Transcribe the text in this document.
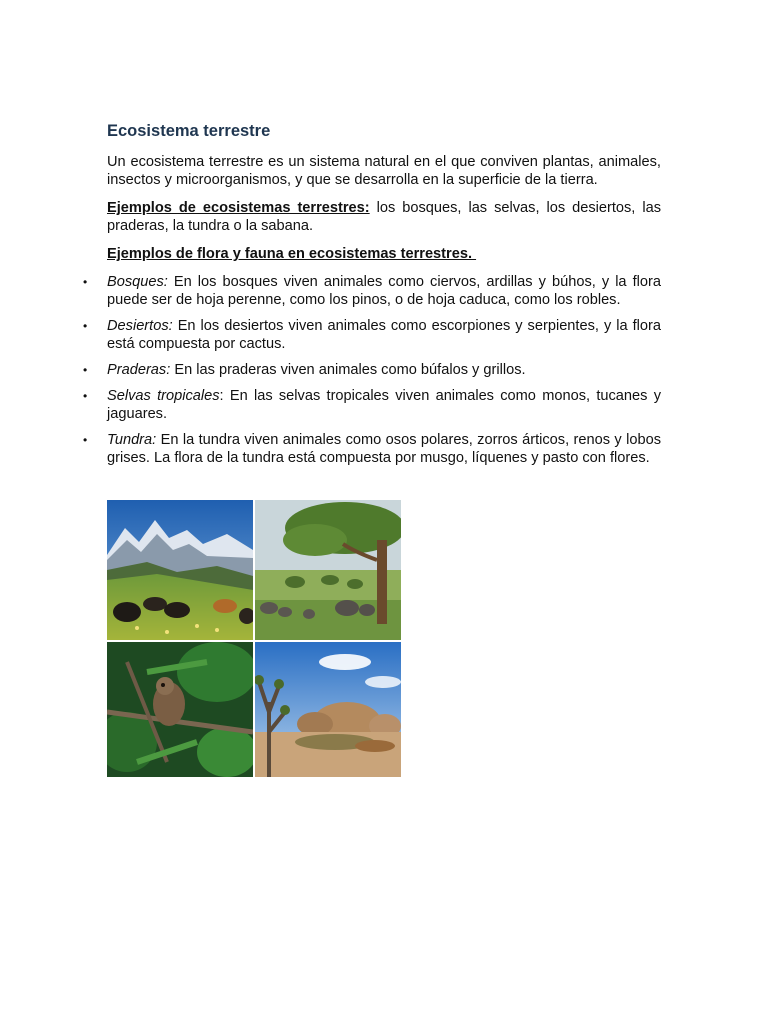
Ecosistema terrestre

Un ecosistema terrestre es un sistema natural en el que conviven plantas, animales, insectos y microorganismos, y que se desarrolla en la superficie de la tierra.

Ejemplos de ecosistemas terrestres: los bosques, las selvas, los desiertos, las praderas, la tundra o la sabana.

Ejemplos de flora y fauna en ecosistemas terrestres.

• Bosques: En los bosques viven animales como ciervos, ardillas y búhos, y la flora puede ser de hoja perenne, como los pinos, o de hoja caduca, como los robles.
• Desiertos: En los desiertos viven animales como escorpiones y serpientes, y la flora está compuesta por cactus.
• Praderas: En las praderas viven animales como búfalos y grillos.
• Selvas tropicales: En las selvas tropicales viven animales como monos, tucanes y jaguares.
• Tundra: En la tundra viven animales como osos polares, zorros árticos, renos y lobos grises. La flora de la tundra está compuesta por musgo, líquenes y pasto con flores.
